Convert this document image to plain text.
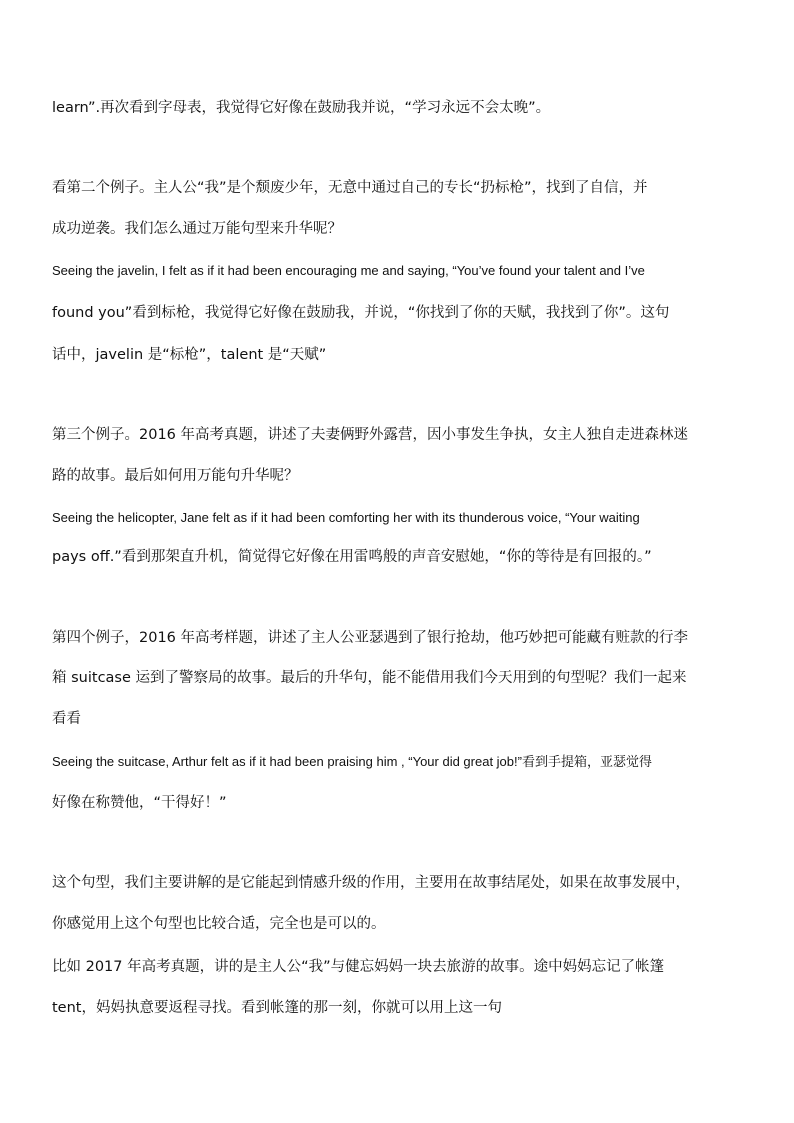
learn”.再次看到字母表，我觉得它好像在鼓励我并说，“学习永远不会太晚”。
看第二个例子。主人公“我”是个颓废少年，无意中通过自己的专长“扔标枪”，找到了自信，并
成功逆袭。我们怎么通过万能句型来升华呢？
Seeing the javelin, I felt as if it had been encouraging me and saying, “You’ve found your talent and I’ve
found you”看到标枪，我觉得它好像在鼓励我，并说，“你找到了你的天赋，我找到了你”。这句
话中，javelin 是“标枪”，talent 是“天赋”
第三个例子。2016 年高考真题，讲述了夫妻俩野外露营，因小事发生争执，女主人独自走进森林迷
路的故事。最后如何用万能句升华呢？
Seeing the helicopter, Jane felt as if it had been comforting her with its thunderous voice, “Your waiting
pays off.”看到那架直升机，简觉得它好像在用雷鸣般的声音安慰她，“你的等待是有回报的。”
第四个例子，2016 年高考样题，讲述了主人公亚瑟遇到了银行抢劫，他巧妙把可能藏有赃款的行李
箱 suitcase 运到了警察局的故事。最后的升华句，能不能借用我们今天用到的句型呢？我们一起来
看看
Seeing the suitcase, Arthur felt as if it had been praising him , “Your did great job!”看到手提箱，亚瑟觉得
好像在称赞他，“干得好！”
这个句型，我们主要讲解的是它能起到情感升级的作用，主要用在故事结尾处，如果在故事发展中，
你感觉用上这个句型也比较合适，完全也是可以的。
比如 2017 年高考真题，讲的是主人公“我”与健忘妈妈一块去旅游的故事。途中妈妈忘记了帐篷
tent，妈妈执意要返程寻找。看到帐篷的那一刻，你就可以用上这一句
